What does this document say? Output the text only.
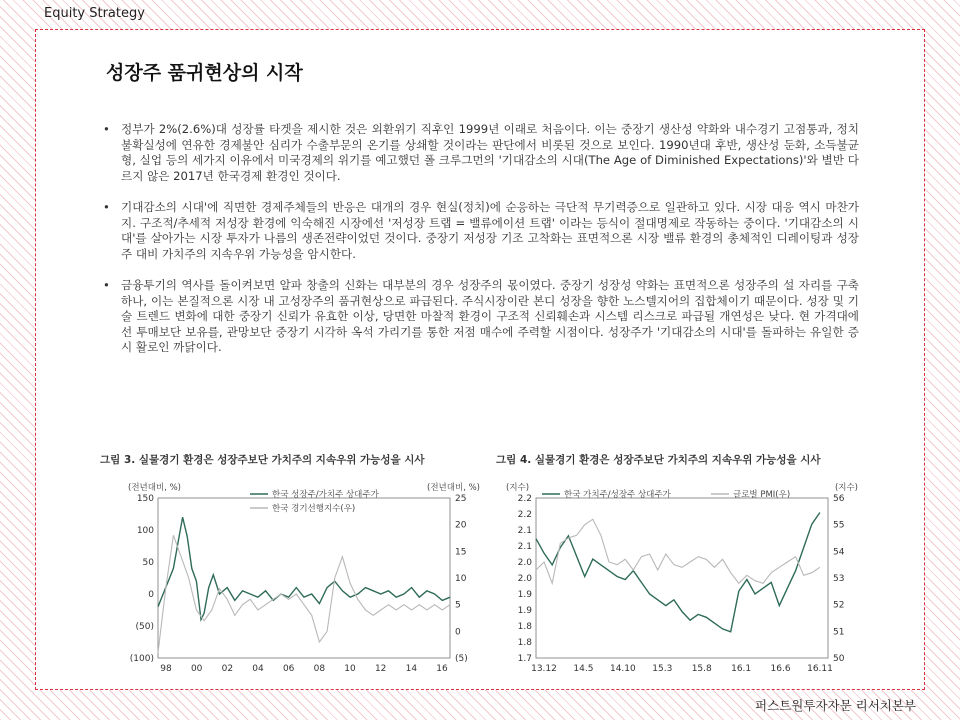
Equity Strategy
성장주 품귀현상의 시작
• 정부가 2%(2.6%)대 성장률 타겟을 제시한 것은 외환위기 직후인 1999년 이래로 처음이다. 이는 중장기 생산성 약화와 내수경기 고점통과, 정치 불확실성에 연유한 경제불안 심리가 수출부문의 온기를 상쇄할 것이라는 판단에서 비롯된 것으로 보인다. 1990년대 후반, 생산성 둔화, 소득불균형, 실업 등의 세가지 이유에서 미국경제의 위기를 예고했던 폴 크루그먼의 '기대감소의 시대(The Age of Diminished Expectations)'와 별반 다르지 않은 2017년 한국경제 환경인 것이다.
• 기대감소의 시대'에 직면한 경제주체들의 반응은 대개의 경우 현실(정치)에 순응하는 극단적 무기력증으로 일관하고 있다. 시장 대응 역시 마찬가지. 구조적/추세적 저성장 환경에 익숙해진 시장에선 '저성장 트랩 = 밸류에이션 트랩' 이라는 등식이 절대명제로 작동하는 중이다. '기대감소의 시대'를 살아가는 시장 투자가 나름의 생존전략이었던 것이다. 중장기 저성장 기조 고착화는 표면적으론 시장 밸류 환경의 총체적인 디레이팅과 성장주 대비 가치주의 지속우위 가능성을 암시한다.
• 금융투기의 역사를 돌이켜보면 알파 창출의 신화는 대부분의 경우 성장주의 몫이였다. 중장기 성장성 약화는 표면적으론 성장주의 설 자리를 구축하나, 이는 본질적으론 시장 내 고성장주의 품귀현상으로 파급된다. 주식시장이란 본디 성장을 향한 노스텔지어의 집합체이기 때문이다. 성장 및 기술 트렌드 변화에 대한 중장기 신뢰가 유효한 이상, 당면한 마찰적 환경이 구조적 신뢰훼손과 시스템 리스크로 파급될 개연성은 낮다. 현 가격대에선 투매보단 보유를, 관망보단 중장기 시각하 옥석 가리기를 통한 저점 매수에 주력할 시점이다. 성장주가 '기대감소의 시대'를 돌파하는 유일한 증시 활로인 까닭이다.
그림 3. 실물경기 환경은 성장주보단 가치주의 지속우위 가능성을 시사
(전년대비, %)	(전년대비, %)
150
100
50
0
(50)
(100)
25
20
15
10
5
0
(5)
98 00 02 04 06 08 10 12 14 16
한국 성장주/가치주 상대주가
한국 경기선행지수(우)
그림 4. 실물경기 환경은 성장주보단 가치주의 지속우위 가능성을 시사
(지수)	(지수)
2.2
2.2
2.1
2.1
2.0
2.0
1.9
1.9
1.8
1.8
1.7
56
55
54
53
52
51
50
13.12 14.5 14.10 15.3 15.8 16.1 16.6 16.11
한국 가치주/성장주 상대주가	글로벌 PMI(우)
퍼스트원투자자문 리서치본부
